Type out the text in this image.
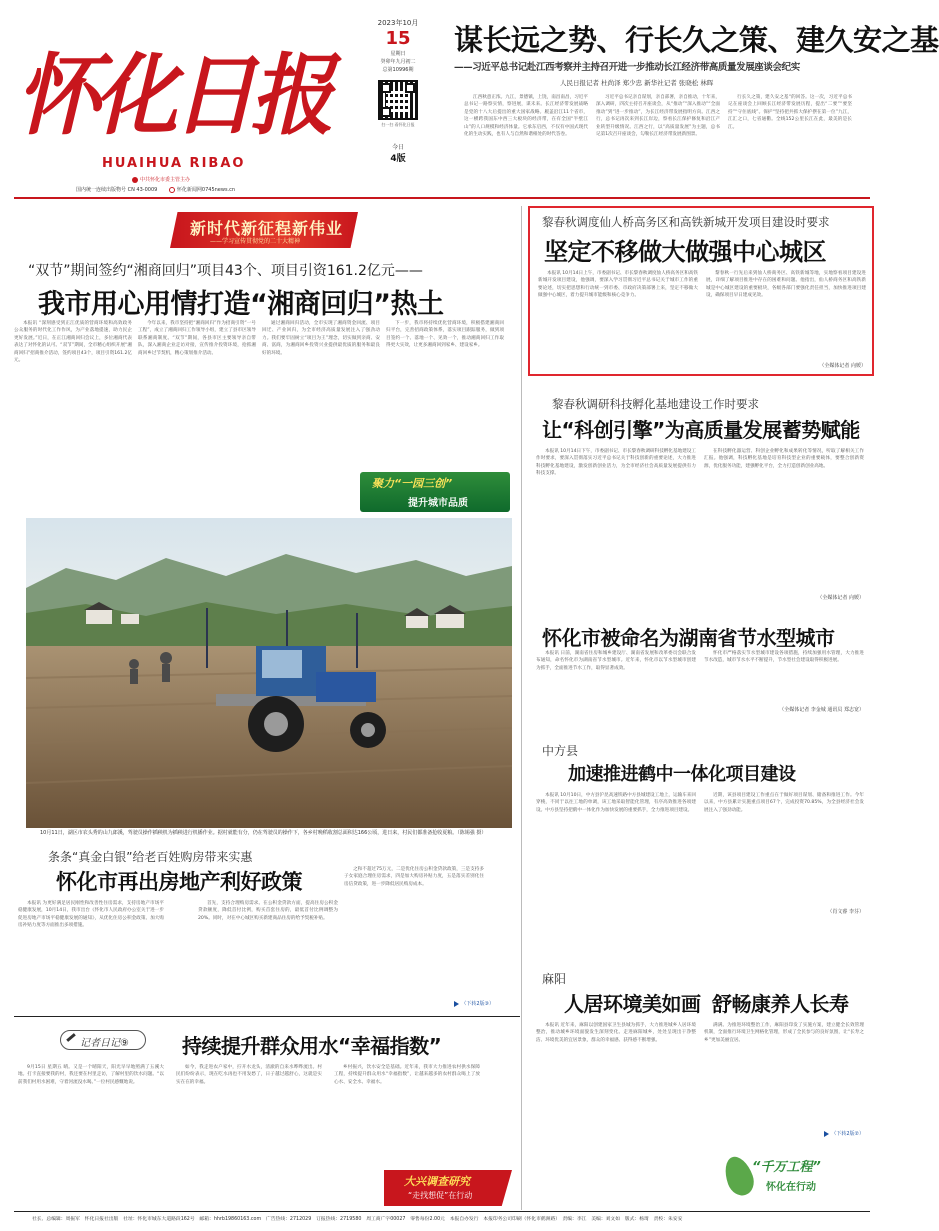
怀化日报
HUAIHUA RIBAO
中共怀化市委主管主办
国内统一连续出版物号 CN 43-0009	怀化新闻网0745news.cn
2023年10月
15
星期日
癸卯年九月初二
总第10996期
扫一扫 看怀化日报
今日
4版
谋长远之势、行长久之策、建久安之基
——习近平总书记赴江西考察并主持召开进一步推动长江经济带高质量发展座谈会纪实
人民日报记者 杜尚泽 郑少忠 新华社记者 张晓松 林晖

江西秋意正浓。九江，景德镇，上饶，南昌南昌，习近平总书记一路察实情，察进展，谋未来。长江经济带发展战略是党的十八大后提出的重大国家战略。履盖沿江11个省市，这一横跨我国东中西三大板块的经济带，在有全国“半壁江山”的人口规模和经济体量。它承东启西，不仅有中国式现代化的生动实践，也有人与自然和谐相处的时代答卷。

习近平总书记亲自谋划，亲自部署，亲自推动，十年来，深入调研，四次主持召开座谈会，从“推动”“深入推动”“全面推动”到“进一步推动”，为长江经济带发展指明方向。江西之行，总书记再次来到长江岸边，察看长江保护修复和沿江产业转型升级情况。江西之行，以“高质量发展”为主题，总书记第1次召开座谈会，勾勒长江经济带发展新图景。

行长久之策，建久安之基“的回答。这一次，习近平总书记在座谈会上回顾长江经济带发展历程，提出“二要”“要坚持”“守住底线”。保护“坚持把共抓大保护摆在第一位”九江，江汇之口，七省通衢。全线152公里长江在此，最美的是长江。

新时代新征程新伟业
——学习宣传贯彻党的二十大精神
“双节”期间签约“湘商回归”项目43个、项目引资161.2亿元——
我市用心用情打造“湘商回归”热土

本报讯 “深刻感受到正江优质的营商环境和高效政务公众服务的时代化工作作风，为产业落地提速，助力民企更好发展。”近日，在正江湘商回归会议上，多位湘商代表表达了对怀化的认可。“双节”期间，全市精心组织开展“湘商回归”招商推介活动，签约项目43个，项目引资161.2亿元。

今年以来，我市坚持把“湘商回归”作为招商引资“一号工程”，成立了湘商回归工作领导小组，建立了县市区领导联系湘商制度。“双节”期间，各县市区主要领导亲自带队，深入湘商企业走访对接，宣传推介投资环境，抢抓湘商回乡过节契机，精心策划推介活动。

通过湘商回归活动，全市实现了湘商资金回流、项目回迁、产业回归，为全市经济高质量发展注入了强劲动力。我们要牢固树立“项目为王”理念，切实做到亲商、安商、富商，为湘商回乡投资兴业提供最优质的服务和最良好的环境。

下一步，我市将持续优化营商环境，积极搭建湘商回归平台，完善招商政策体系，落实项目跟踪服务，做到项目签约一个、落地一个、见效一个，推动湘商回归工作取得更大实效，让更多湘商回到家乡、建设家乡。

聚力“一园三创”
提升城市品质
10月11日，湖区市农头秀的山九郎溪，驾驶员操作插秧机为插秧进行机播作业。据村就能有分，仍在驾驶员的操作下，各乡村晚稻收割总面积达166公顷，进日来，村民们都准备抢收夏粮。（陈锡强 摄）
黎春秋调度仙人桥高务区和高铁新城开发项目建设时要求
坚定不移做大做强中心城区

本报讯 10月14日上午，市委副书记、市长黎春秋调度仙人桥高务区和高铁新城开发项目建设，他强调，要深入学习贯彻习近平总书记关于城市工作的重要论述，切实把思想和行动统一到市委、市政府决策部署上来，坚定不移做大做强中心城区，着力提升城市能级和核心竞争力。

黎春秋一行先后来到仙人桥商务区、高铁新城等地，实地察看项目建设进展，详细了解项目推进中存在的困难和问题。他指出，仙人桥商务区和高铁新城是中心城区建设的重要板块，各级各部门要强化责任担当，加快推进项目建设，确保项目早日建成见效。

（全媒体记者 向媛）
黎春秋调研科技孵化基地建设工作时要求
让“科创引擎”为高质量发展蓄势赋能

本报讯 10月14日下午，市委副书记、市长黎春秋调研科技孵化基地建设工作时要求，要深入贯彻落实习近平总书记关于科技创新的重要论述，大力推进科技孵化基地建设，激发创新创业活力，为全市经济社会高质量发展提供有力科技支撑。

在科技孵化器运营、科创企业孵化和成果转化等情况，听取了解相关工作汇报。他强调，科技孵化基地是培育科技型企业的重要载体，要整合创新资源，优化服务功能，建强孵化平台，全力打造创新创业高地。

（全媒体记者 向媛）
怀化市被命名为湖南省节水型城市

本报讯 日前，湖南省住房和城乡建设厅、湖南省发展和改革委员会联合发布通知，命名怀化市为湖南省节水型城市。近年来，怀化市以节水型城市创建为抓手，全面推进节水工作，取得显著成效。

怀化市严格落实节水型城市建设各项措施，持续加强用水管理，大力推进节水改造，城市节水水平不断提升，节水型社会建设取得积极进展。

（全媒体记者 李金城 通讯员 郑志宽）
中方县
加速推进鹤中一体化项目建设

本报讯 10月10日，中方县沪昆高速铁路中方县城建设工地上，运输车来回穿梭，不同于以往工地的单调，该工地采取智能化管理，有序高效推进各项建设。中方县坚持把鹤中一体化作为加快发展的重要抓手，全力推进项目建设。

近期，该县项目建设工作重点在于做好项目谋划、储备和推进工作。今年以来，中方县累计实施重点项目67个，完成投资70.85%，为全县经济社会发展注入了强劲动能。

（肖文睿 李芬）
条条“真金白银”给老百姓购房带来实惠
怀化市再出房地产利好政策

本报讯 为更好满足居民刚性和改善性住房需求，支持房地产市场平稳健康发展，10月14日，我市出台《怀化市人民政府办公室关于进一步促进房地产市场平稳健康发展的通知》，从优化住房公积金政策、加大购房补贴力度等方面推出多项措施。

首先，支持合理购房需求。在公积金贷款方面，提高住房公积金贷款额度，降低首付比例，购买首套住房的，最低首付比例调整为20%。同时，对在中心城区购买新建商品住房的给予契税补贴。

之和不超过75万元，二是优化住房公积金贷款政策，三是支持多子女家庭合理住房需求，四是加大购房补贴力度，五是落实差别化住房信贷政策，进一步降低居民购房成本。

（下转2版③）
记者日记⑨	持续提升群众用水“幸福指数”

9月15日 星期五 晴。又是一个晴阳天，阳光早早地照满了五溪大地。打卡直接要我的村，我还要在村里走访，了解村里的饮水问题。“以前我们村用水困难，守着河流没水喝。”一位村民感慨地说。

如今，我走进农户家中，拧开水龙头，清澈的自来水哗哗流出。村民们纷纷表示，现在吃水再也不用发愁了，日子越过越舒心，这就是实实在在的幸福。

乡村振兴，饮水安全是基础。近年来，我市大力推进农村供水保障工程，持续提升群众用水“幸福指数”，让越来越多的农村群众喝上了放心水、安全水、幸福水。

大兴调查研究
“走找想促”在行动
麻阳
人居环境美如画 舒畅康养人长寿

本报讯 近年来，麻阳以创建国家卫生县城为抓手，大力推进城乡人居环境整治，推动城乡环境面貌发生深刻变化。走进麻阳城乡，处处呈现出干净整洁、环境优美的宜居景象，群众的幸福感、获得感不断增强。

满满。为推进环境整治工作，麻阳县印发了实施方案，建立健全长效管理机制，全面推行环境卫生网格化管理，形成了全民参与的良好氛围，让“长寿之乡”更加美丽宜居。

（下转2版②）
“千万工程”
怀化在行动
社长、总编辑：周振军　怀化日报社出版　社址：怀化市城东大道路段162号　邮箱：hhrb19860163.com　广告热线：2712029　订报热线：2719580　周工商广字00027　零售每份2.00元　本报自办发行　本报印务公司印刷（怀化市鹤洲路）　责编：李江　美编：刘文如　版式：杨琦　责校：朱安安
